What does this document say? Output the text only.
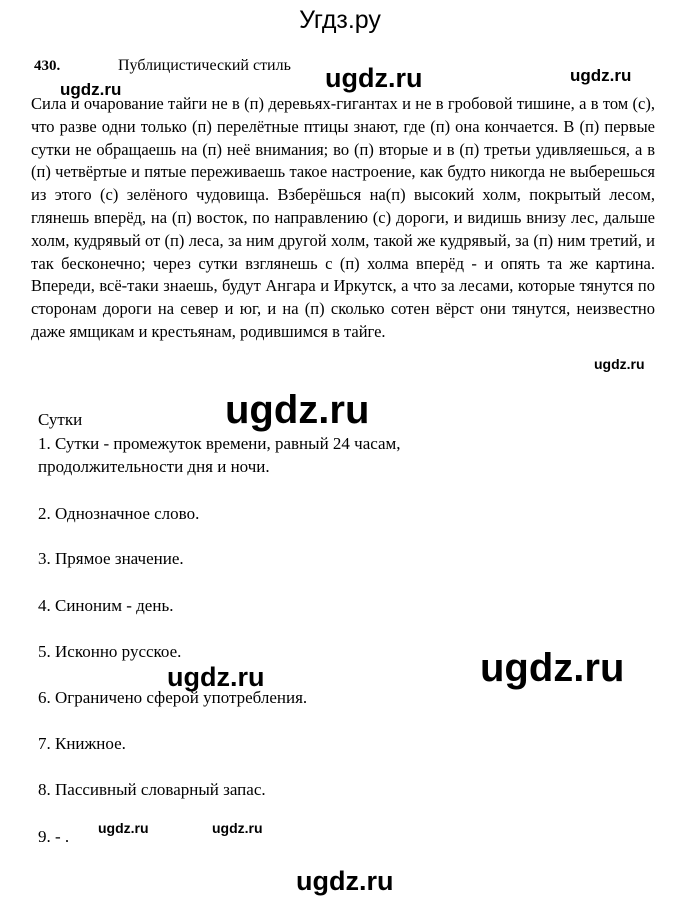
Угдз.ру
430.	Публицистический стиль
Сила и очарование тайги не в (п) деревьях-гигантах и не в гробовой тишине, а в том (с), что разве одни только (п) перелётные птицы знают, где (п) она кончается. В (п) первые сутки не обращаешь на (п) неё внимания; во (п) вторые и в (п) третьи удивляешься, а в (п) четвёртые и пятые переживаешь такое настроение, как будто никогда не выберешься из этого (с) зелёного чудовища. Взберёшься на(п) высокий холм, покрытый лесом, глянешь вперёд, на (п) восток, по направлению (с) дороги, и видишь внизу лес, дальше холм, кудрявый от (п) леса, за ним другой холм, такой же кудрявый, за (п) ним третий, и так бесконечно; через сутки взглянешь с (п) холма вперёд - и опять та же картина. Впереди, всё-таки знаешь, будут Ангара и Иркутск, а что за лесами, которые тянутся по сторонам дороги на север и юг, и на (п) сколько сотен вёрст они тянутся, неизвестно даже ямщикам и крестьянам, родившимся в тайге.
Сутки
1. Сутки - промежуток времени, равный 24 часам,
продолжительности дня и ночи.
2. Однозначное слово.
3. Прямое значение.
4. Синоним - день.
5. Исконно русское.
6. Ограничено сферой употребления.
7. Книжное.
8. Пассивный словарный запас.
9. - .
ugdz.ru	ugdz.ru	ugdz.ru
ugdz.ru
ugdz.ru
ugdz.ru	ugdz.ru
ugdz.ru	ugdz.ru
ugdz.ru
